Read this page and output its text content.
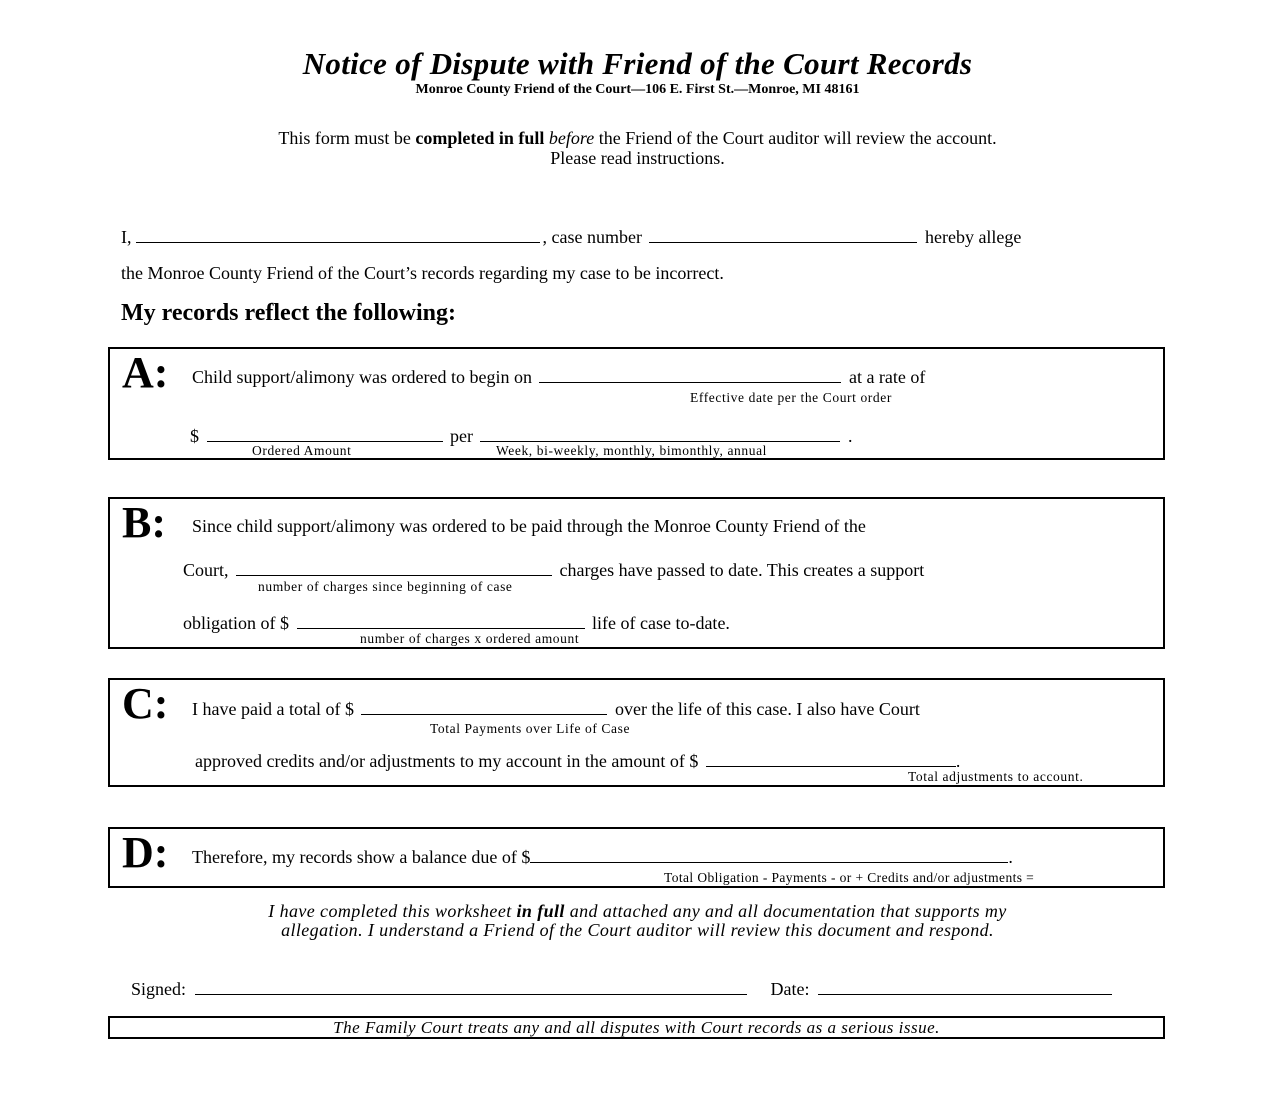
Notice of Dispute with Friend of the Court Records
Monroe County Friend of the Court—106 E. First St.—Monroe, MI 48161
This form must be completed in full before the Friend of the Court auditor will review the account.
Please read instructions.
I,	, case number	hereby allege
the Monroe County Friend of the Court’s records regarding my case to be incorrect.
My records reflect the following:
A: Child support/alimony was ordered to begin on	at a rate of
Effective date per the Court order
$	per	.
Ordered Amount	Week, bi-weekly, monthly, bimonthly, annual
B: Since child support/alimony was ordered to be paid through the Monroe County Friend of the
Court,	charges have passed to date. This creates a support
number of charges since beginning of case
obligation of $	life of case to-date.
number of charges x ordered amount
C: I have paid a total of $	over the life of this case. I also have Court
Total Payments over Life of Case
approved credits and/or adjustments to my account in the amount of $	.
Total adjustments to account.
D: Therefore, my records show a balance due of $	.
Total Obligation - Payments - or + Credits and/or adjustments =
I have completed this worksheet in full and attached any and all documentation that supports my
allegation. I understand a Friend of the Court auditor will review this document and respond.
Signed:	Date:
The Family Court treats any and all disputes with Court records as a serious issue.
